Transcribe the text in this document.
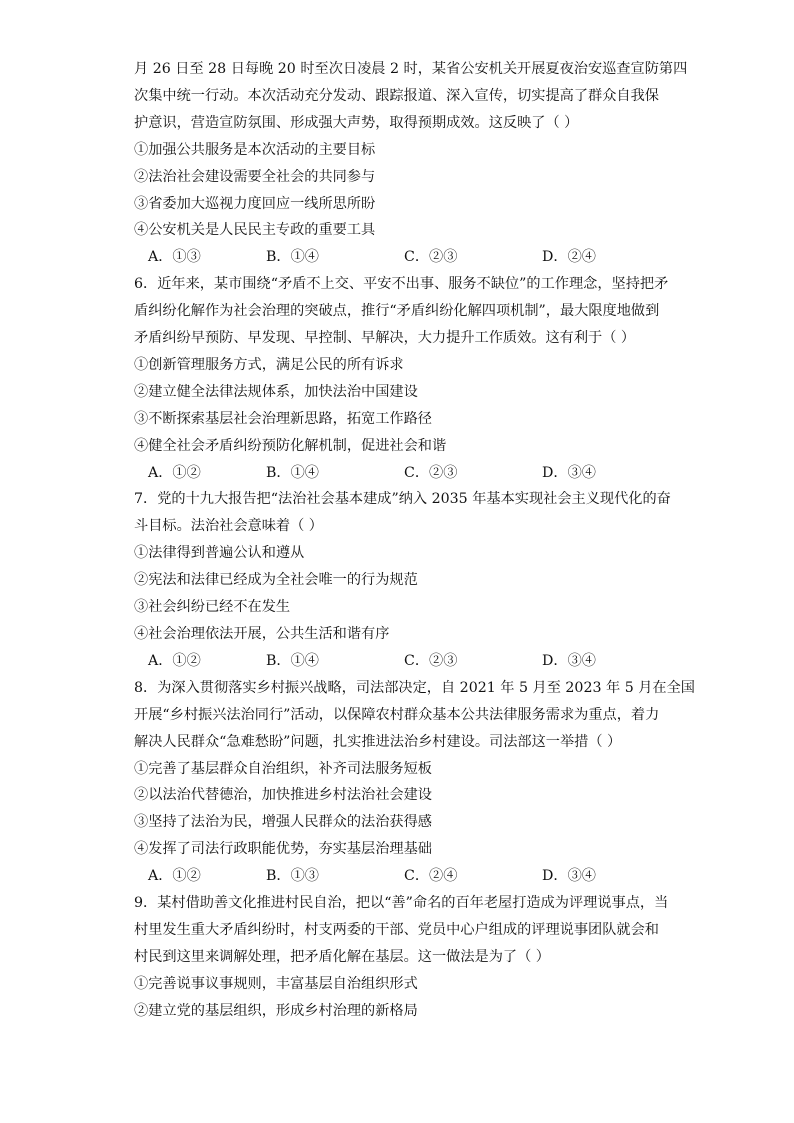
月 26 日至 28 日每晚 20 时至次日凌晨 2 时，某省公安机关开展夏夜治安巡查宣防第四
次集中统一行动。本次活动充分发动、跟踪报道、深入宣传，切实提高了群众自我保
护意识，营造宣防氛围、形成强大声势，取得预期成效。这反映了（ ）
①加强公共服务是本次活动的主要目标
②法治社会建设需要全社会的共同参与
③省委加大巡视力度回应一线所思所盼
④公安机关是人民民主专政的重要工具
A．①③	B．①④	C．②③	D．②④
6．近年来，某市围绕“矛盾不上交、平安不出事、服务不缺位”的工作理念，坚持把矛
盾纠纷化解作为社会治理的突破点，推行“矛盾纠纷化解四项机制”，最大限度地做到
矛盾纠纷早预防、早发现、早控制、早解决，大力提升工作质效。这有利于（ ）
①创新管理服务方式，满足公民的所有诉求
②建立健全法律法规体系，加快法治中国建设
③不断探索基层社会治理新思路，拓宽工作路径
④健全社会矛盾纠纷预防化解机制，促进社会和谐
A．①②	B．①④	C．②③	D．③④
7．党的十九大报告把“法治社会基本建成”纳入 2035 年基本实现社会主义现代化的奋
斗目标。法治社会意味着（ ）
①法律得到普遍公认和遵从
②宪法和法律已经成为全社会唯一的行为规范
③社会纠纷已经不在发生
④社会治理依法开展，公共生活和谐有序
A．①②	B．①④	C．②③	D．③④
8．为深入贯彻落实乡村振兴战略，司法部决定，自 2021 年 5 月至 2023 年 5 月在全国
开展“乡村振兴法治同行”活动，以保障农村群众基本公共法律服务需求为重点，着力
解决人民群众“急难愁盼”问题，扎实推进法治乡村建设。司法部这一举措（ ）
①完善了基层群众自治组织，补齐司法服务短板
②以法治代替德治，加快推进乡村法治社会建设
③坚持了法治为民，增强人民群众的法治获得感
④发挥了司法行政职能优势，夯实基层治理基础
A．①②	B．①③	C．②④	D．③④
9．某村借助善文化推进村民自治，把以“善”命名的百年老屋打造成为评理说事点，当
村里发生重大矛盾纠纷时，村支两委的干部、党员中心户组成的评理说事团队就会和
村民到这里来调解处理，把矛盾化解在基层。这一做法是为了（ ）
①完善说事议事规则，丰富基层自治组织形式
②建立党的基层组织，形成乡村治理的新格局
